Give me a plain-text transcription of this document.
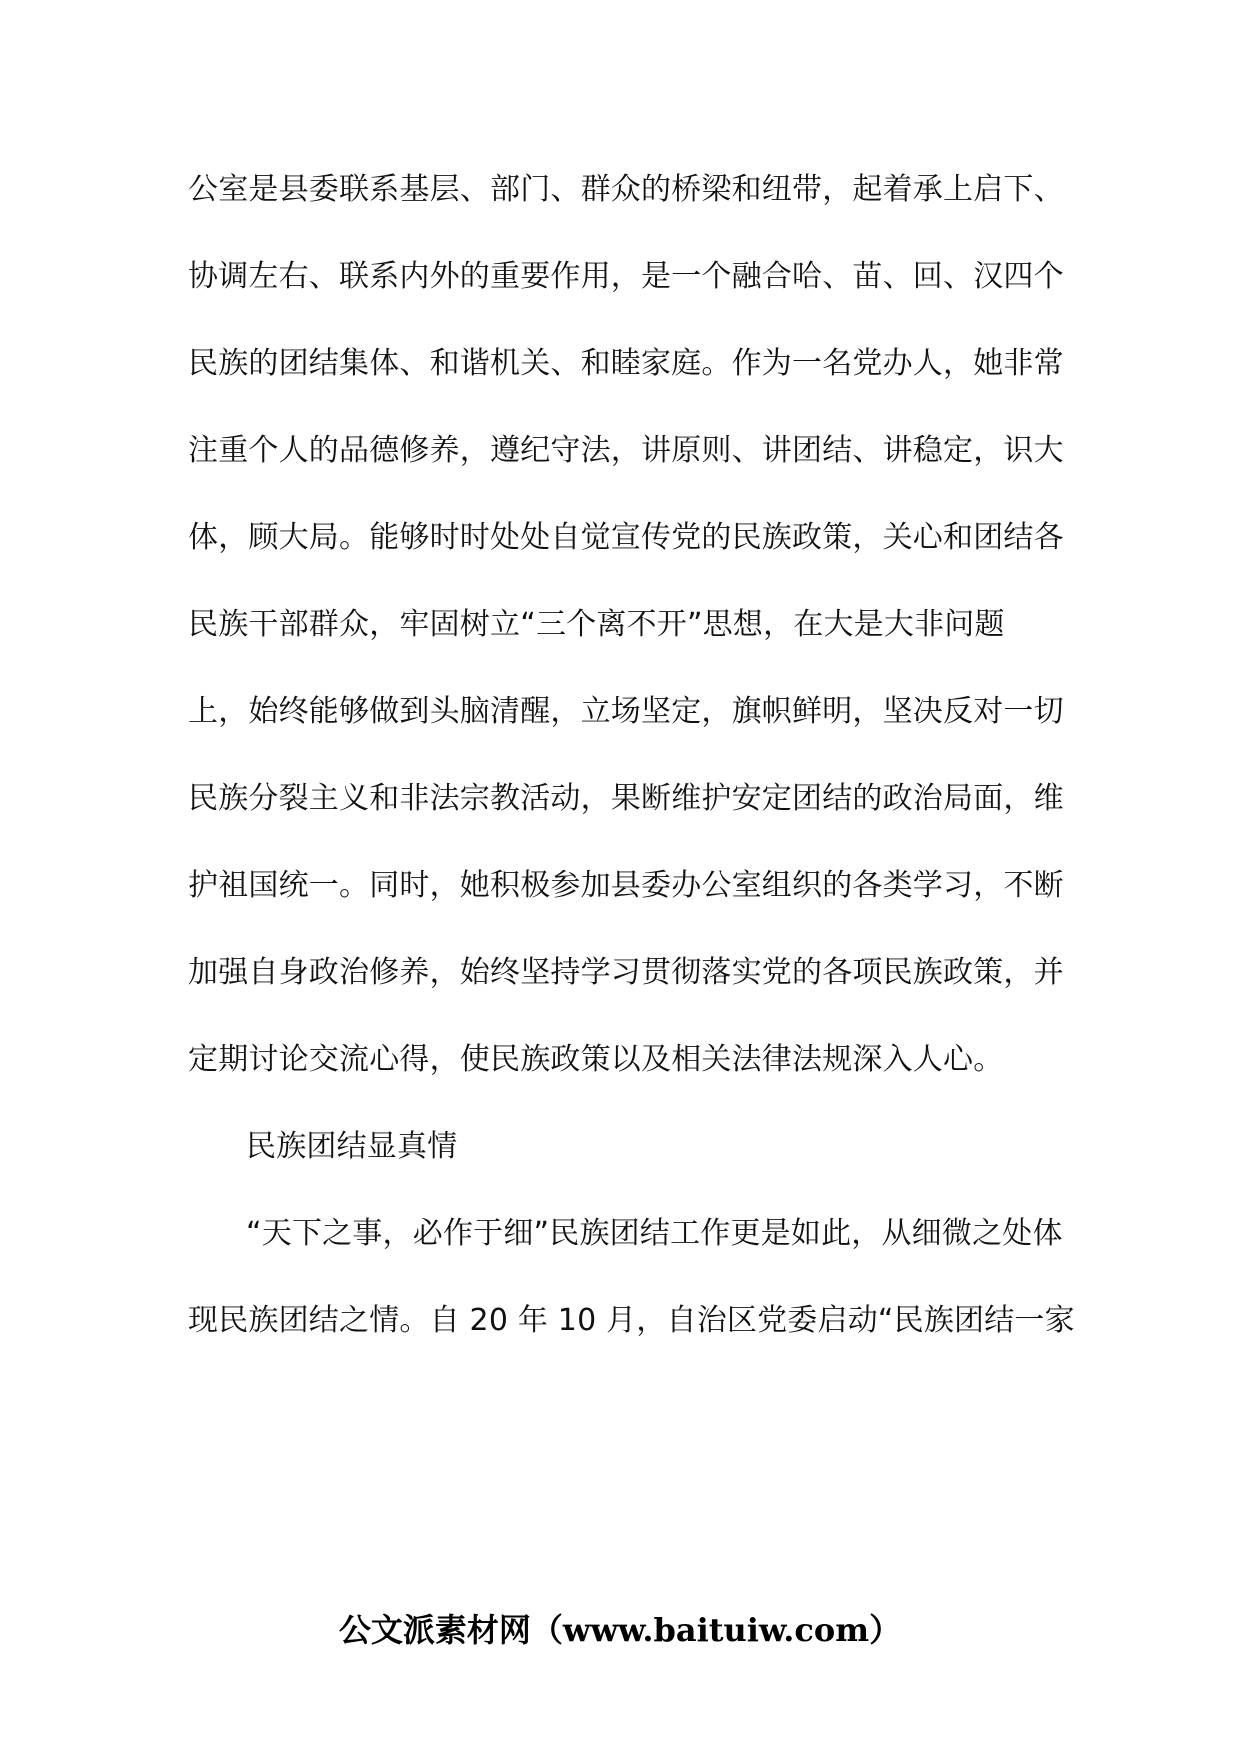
公室是县委联系基层、部门、群众的桥梁和纽带，起着承上启下、
协调左右、联系内外的重要作用，是一个融合哈、苗、回、汉四个
民族的团结集体、和谐机关、和睦家庭。作为一名党办人，她非常
注重个人的品德修养，遵纪守法，讲原则、讲团结、讲稳定，识大
体，顾大局。能够时时处处自觉宣传党的民族政策，关心和团结各
民族干部群众，牢固树立“三个离不开”思想，在大是大非问题
上，始终能够做到头脑清醒，立场坚定，旗帜鲜明，坚决反对一切
民族分裂主义和非法宗教活动，果断维护安定团结的政治局面，维
护祖国统一。同时，她积极参加县委办公室组织的各类学习，不断
加强自身政治修养，始终坚持学习贯彻落实党的各项民族政策，并
定期讨论交流心得，使民族政策以及相关法律法规深入人心。
民族团结显真情
“天下之事，必作于细”民族团结工作更是如此，从细微之处体
现民族团结之情。自 20 年 10 月，自治区党委启动“民族团结一家
公文派素材网（www.baituiw.com）
